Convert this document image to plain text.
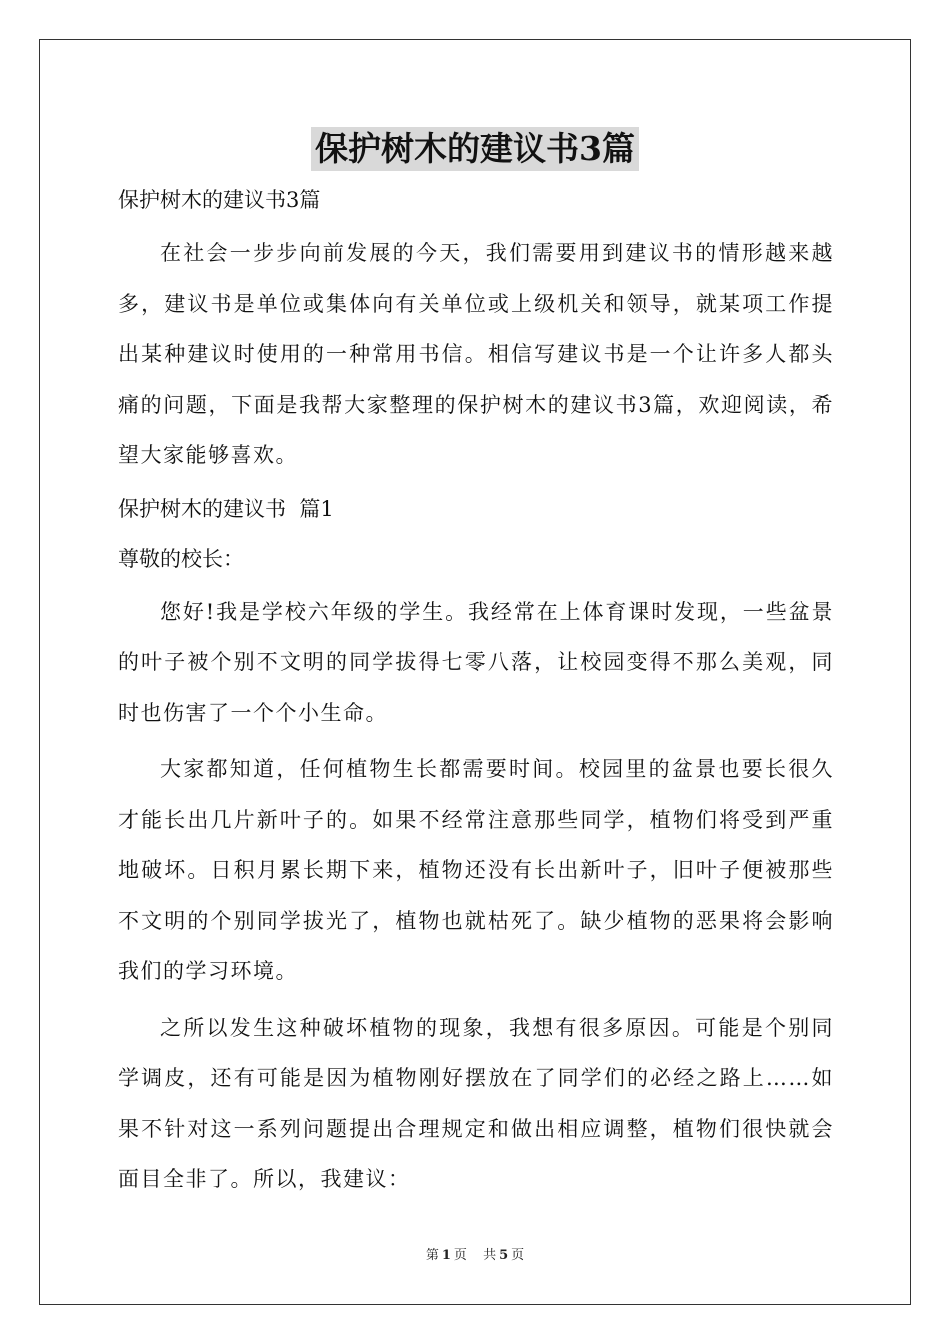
保护树木的建议书3篇

保护树木的建议书3篇

在社会一步步向前发展的今天，我们需要用到建议书的情形越来越多，建议书是单位或集体向有关单位或上级机关和领导，就某项工作提出某种建议时使用的一种常用书信。相信写建议书是一个让许多人都头痛的问题，下面是我帮大家整理的保护树木的建议书3篇，欢迎阅读，希望大家能够喜欢。

保护树木的建议书  篇1

尊敬的校长：

您好!我是学校六年级的学生。我经常在上体育课时发现，一些盆景的叶子被个别不文明的同学拔得七零八落，让校园变得不那么美观，同时也伤害了一个个小生命。

大家都知道，任何植物生长都需要时间。校园里的盆景也要长很久才能长出几片新叶子的。如果不经常注意那些同学，植物们将受到严重地破坏。日积月累长期下来，植物还没有长出新叶子，旧叶子便被那些不文明的个别同学拔光了，植物也就枯死了。缺少植物的恶果将会影响我们的学习环境。

之所以发生这种破坏植物的现象，我想有很多原因。可能是个别同学调皮，还有可能是因为植物刚好摆放在了同学们的必经之路上……如果不针对这一系列问题提出合理规定和做出相应调整，植物们很快就会面目全非了。所以，我建议：

第 1 页 共 5 页
